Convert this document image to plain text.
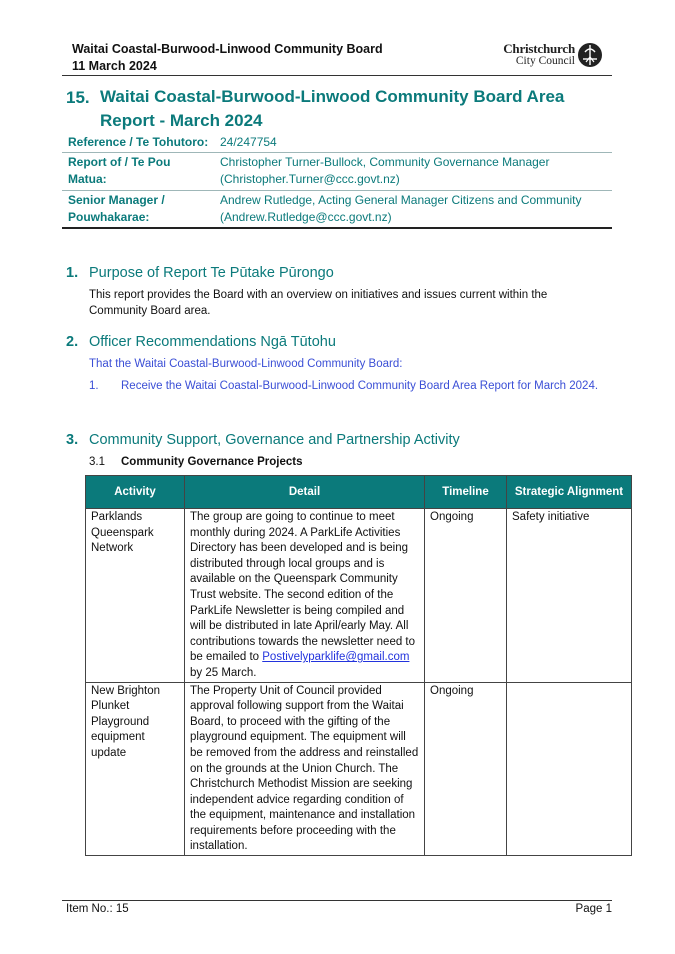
Waitai Coastal-Burwood-Linwood Community Board
11 March 2024
Christchurch
City Council
15. Waitai Coastal-Burwood-Linwood Community Board Area Report - March 2024
Reference / Te Tohutoro: 24/247754
Report of / Te Pou Matua:
Christopher Turner-Bullock, Community Governance Manager (Christopher.Turner@ccc.govt.nz)
Senior Manager / Pouwhakarae:
Andrew Rutledge, Acting General Manager Citizens and Community (Andrew.Rutledge@ccc.govt.nz)
1. Purpose of Report Te Pūtake Pūrongo
This report provides the Board with an overview on initiatives and issues current within the Community Board area.
2. Officer Recommendations Ngā Tūtohu
That the Waitai Coastal-Burwood-Linwood Community Board:
1. Receive the Waitai Coastal-Burwood-Linwood Community Board Area Report for March 2024.
3. Community Support, Governance and Partnership Activity
3.1 Community Governance Projects
Activity	Detail	Timeline	Strategic Alignment
Parklands Queenspark Network	The group are going to continue to meet monthly during 2024. A ParkLife Activities Directory has been developed and is being distributed through local groups and is available on the Queenspark Community Trust website. The second edition of the ParkLife Newsletter is being compiled and will be distributed in late April/early May. All contributions towards the newsletter need to be emailed to Postivelyparklife@gmail.com by 25 March.	Ongoing	Safety initiative
New Brighton Plunket Playground equipment update	The Property Unit of Council provided approval following support from the Waitai Board, to proceed with the gifting of the playground equipment. The equipment will be removed from the address and reinstalled on the grounds at the Union Church. The Christchurch Methodist Mission are seeking independent advice regarding condition of the equipment, maintenance and installation requirements before proceeding with the installation.	Ongoing	
Item No.: 15	Page 1
